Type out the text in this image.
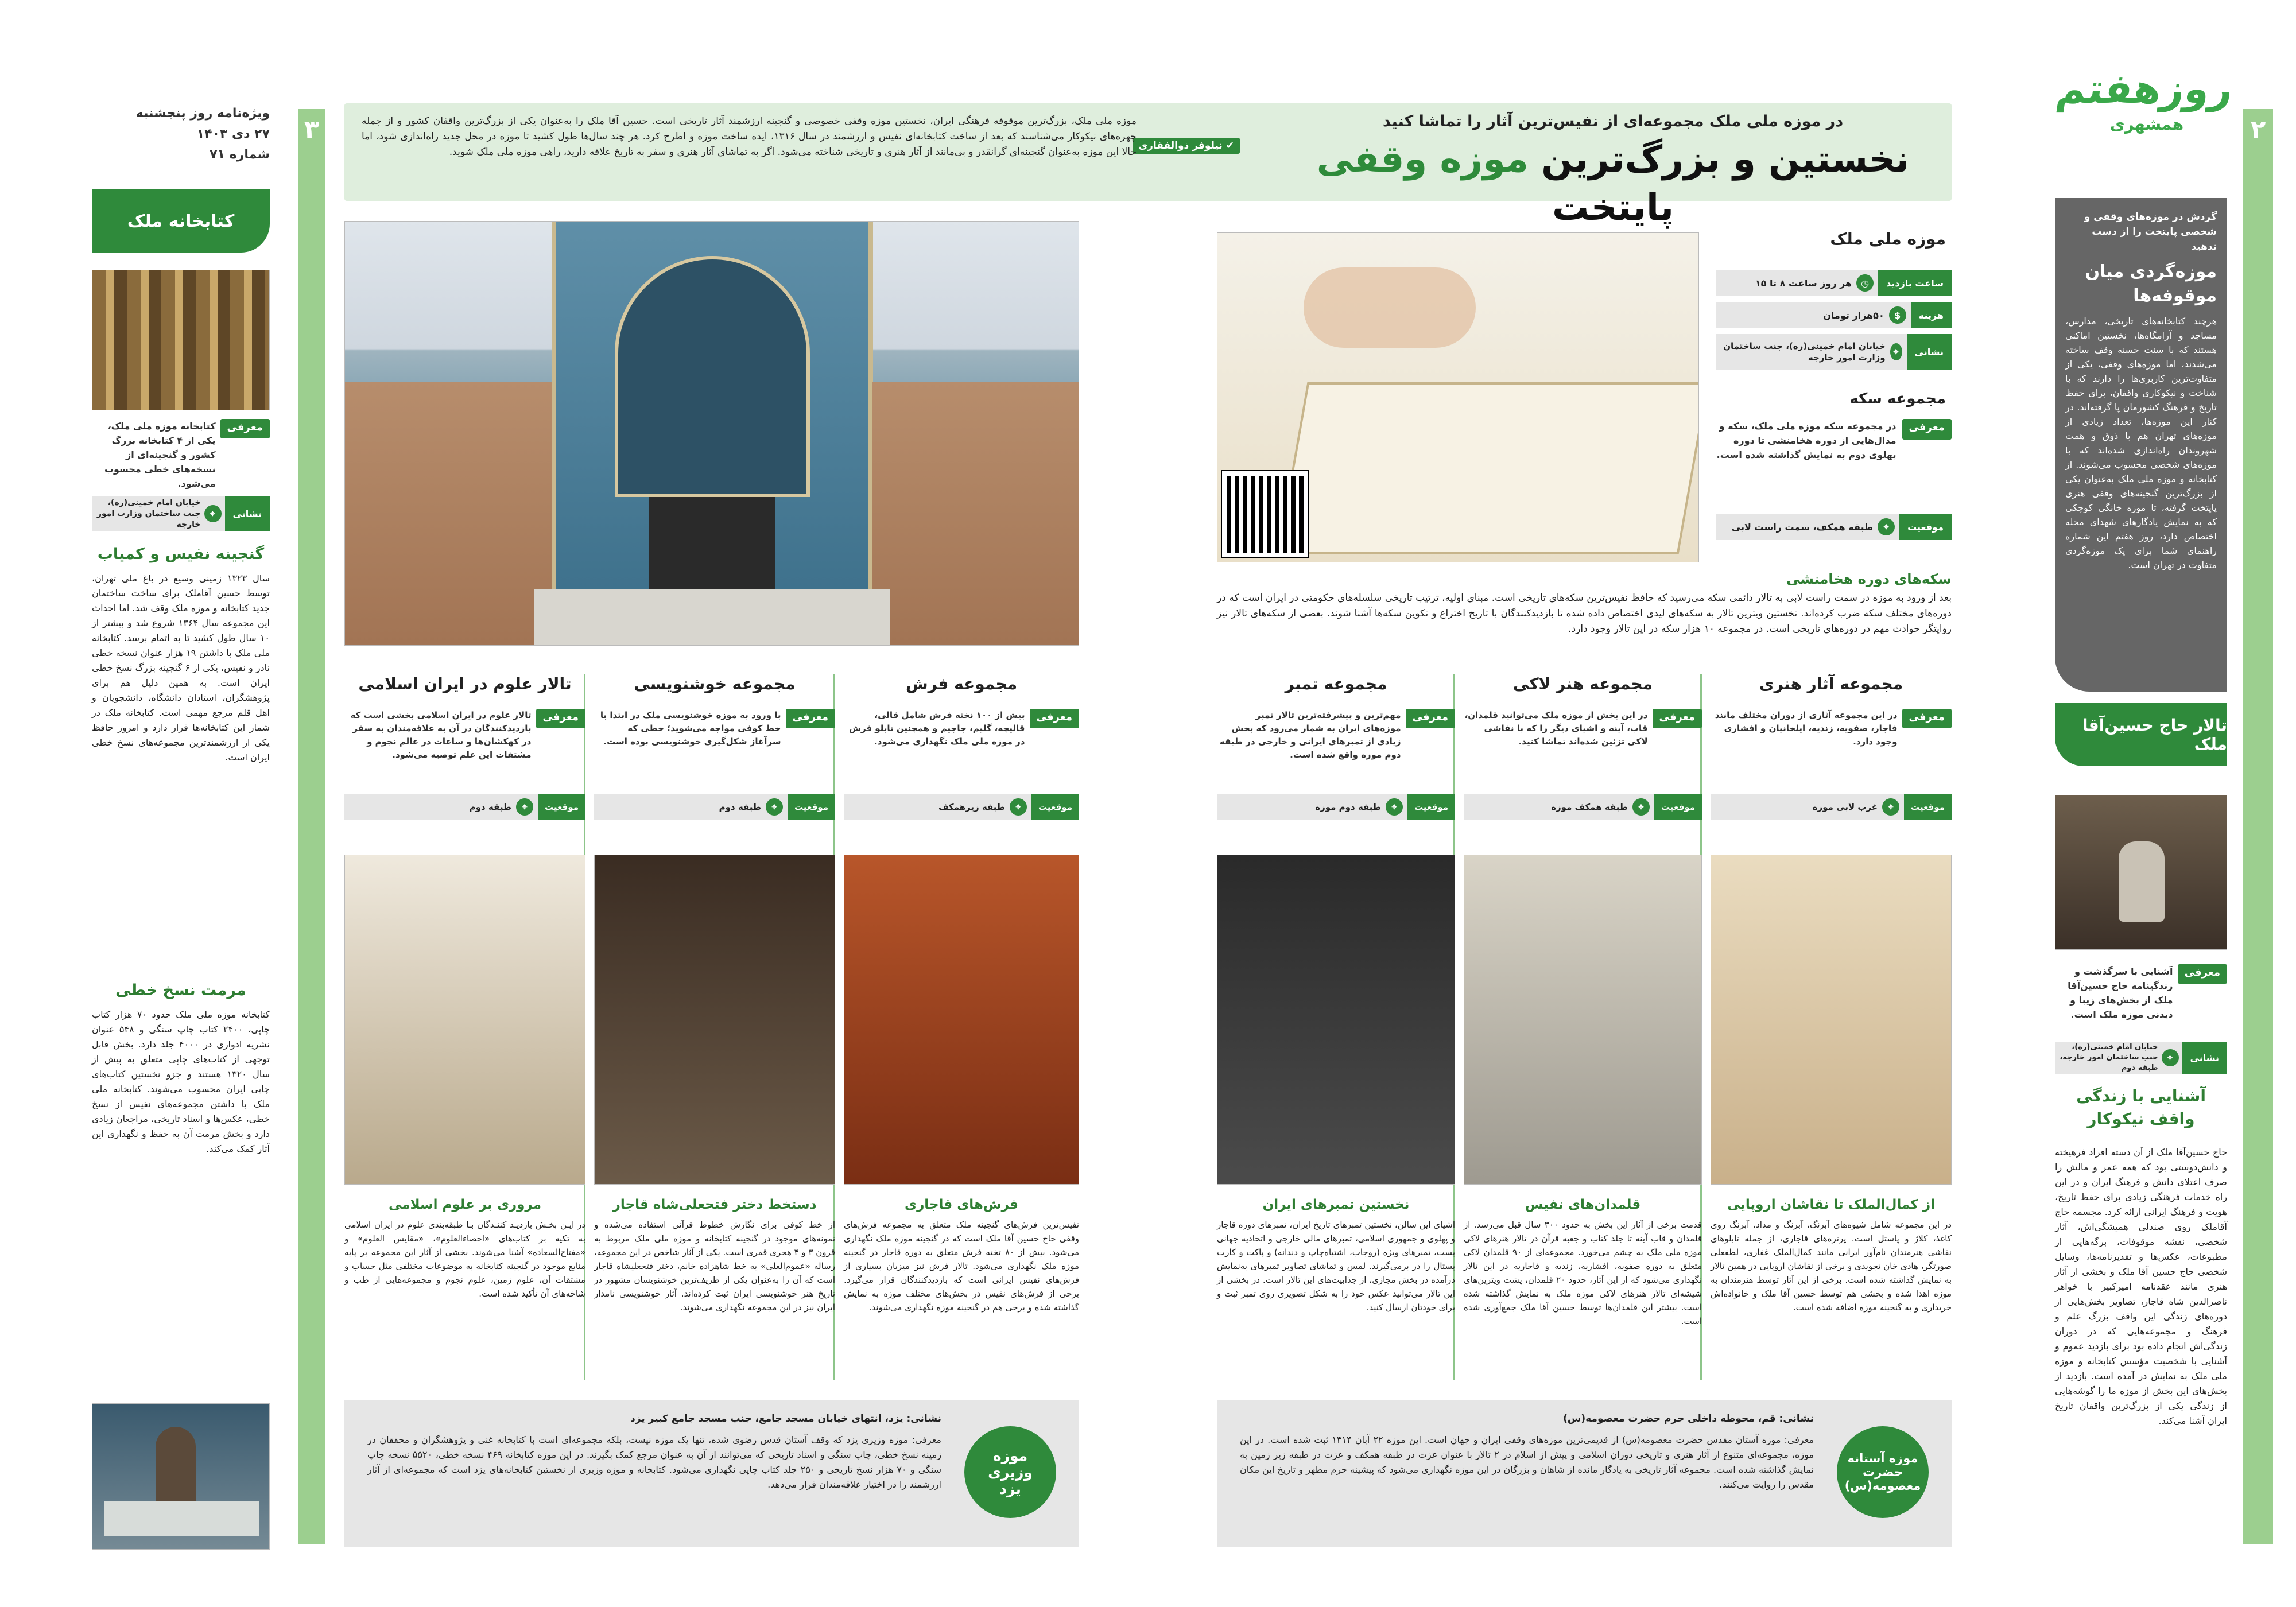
۲
۳
روزهفتم
همشهری
ویژه‌نامه روز پنجشنبه
۲۷ دی ۱۴۰۳
شماره ۷۱
در موزه ملی ملک مجموعه‌ای از نفیس‌ترین آثار را تماشا کنید
نخستین و بزرگ‌ترین موزه وقفی پایتخت
✔ نیلوفر ذوالفقاری
موزه ملی ملک، بزرگ‌ترین موقوفه فرهنگی ایران، نخستین موزه وقفی خصوصی و گنجینه ارزشمند آثار تاریخی است. حسین آقا ملک را به‌عنوان یکی از بزرگ‌ترین واقفان کشور و از جمله چهره‌های نیکوکار می‌شناسند که بعد از ساخت کتابخانه‌ای نفیس و ارزشمند در سال ۱۳۱۶، ایده ساخت موزه و اطرح کرد. هر چند سال‌ها طول کشید تا موزه در محل جدید راه‌اندازی شود، اما حالا این موزه به‌عنوان گنجینه‌ای گرانقدر و بی‌مانند از آثار هنری و تاریخی شناخته می‌شود. اگر به تماشای آثار هنری و سفر به تاریخ علاقه دارید، راهی موزه ملی ملک شوید.
موزه ملی ملک
ساعت بازدید
◷
هر روز ساعت ۸ تا ۱۵
هزینه
$
۵۰هزار تومان
نشانی
⌖
خیابان امام خمینی(ره)، جنب ساختمان وزارت امور خارجه
مجموعه سکه
معرفی
در مجموعه سکه موزه ملی ملک، سکه و مدال‌هایی از دوره هخامنشی تا دوره پهلوی دوم به نمایش گذاشته شده است.
موقعیت
⌖
طبقه همکف، سمت راست لابی
سکه‌های دوره هخامنشی
بعد از ورود به موزه در سمت راست لابی به تالار دائمی سکه می‌رسید که حافظ نفیس‌ترین سکه‌های تاریخی است. مبنای اولیه، ترتیب تاریخی سلسله‌های حکومتی در ایران است که در دوره‌های مختلف سکه ضرب کرده‌اند. نخستین ویترین تالار به سکه‌های لیدی اختصاص داده شده تا بازدیدکنندگان با تاریخ اختراع و تکوین سکه‌ها آشنا شوند. بعضی از سکه‌های تالار نیز روایتگر حوادث مهم در دوره‌های تاریخی است. در مجموعه ۱۰ هزار سکه در این تالار وجود دارد.
مجموعه آثار هنری
معرفی
در این مجموعه آثاری از دوران مختلف مانند قاجار، صفویه، زندیه، ایلخانیان و افشاری وجود دارد.
موقعیت
⌖
غرب لابی موزه
از کمال‌الملک تا نقاشان اروپایی
در این مجموعه شامل شیوه‌های آبرنگ، آبرنگ و مداد، آبرنگ روی کاغذ، کلاژ و پاستل است. پرتره‌های قاجاری، از جمله تابلوهای نقاشی هنرمندان نام‌آور ایرانی مانند کمال‌الملک غفاری، لطفعلی صورتگر، هادی خان تجویدی و برخی از نقاشان اروپایی در همین تالار به نمایش گذاشته شده است. برخی از این آثار توسط هنرمندان به موزه اهدا شده و بخشی هم توسط حسین آقا ملک و خانواده‌اش خریداری و به گنجینه موزه اضافه شده است.
مجموعه هنر لاکی
معرفی
در این بخش از موزه ملک می‌توانید قلمدان، قاب، آینه و اشیای دیگر را که با نقاشی لاکی تزئین شده‌اند تماشا کنید.
موقعیت
⌖
طبقه همکف موزه
قلمدان‌های نفیس
قدمت برخی از آثار این بخش به حدود ۳۰۰ سال قبل می‌رسد. از قلمدان و قاب آینه تا جلد کتاب و جعبه قرآن در تالار هنرهای لاکی موزه ملی ملک به چشم می‌خورد. مجموعه‌ای از ۹۰ قلمدان لاکی متعلق به دوره صفویه، افشاریه، زندیه و قاجاریه در این تالار نگهداری می‌شود که از این آثار، حدود ۲۰ قلمدان، پشت ویترین‌های شیشه‌ای تالار هنرهای لاکی موزه ملک به نمایش گذاشته شده است. بیشتر این قلمدان‌ها توسط حسین آقا ملک جمع‌آوری شده است.
مجموعه تمبر
معرفی
مهم‌ترین و پیشرفته‌ترین تالار تمبر موزه‌های ایران به شمار می‌رود که بخش زیادی از تمبرهای ایرانی و خارجی در طبقه دوم موزه واقع شده است.
موقعیت
⌖
طبقه دوم موزه
نخستین تمبرهای ایران
اشیای این سالن، نخستین تمبرهای تاریخ ایران، تمبرهای دوره قاجار و پهلوی و جمهوری اسلامی، تمبرهای مالی خارجی و اتحادیه جهانی پست، تمبرهای ویژه (روجاب، اشتباه‌چاپ و دندانه) و پاکت و کارت پستال را در برمی‌گیرند. لمس و تماشای تصاویر تمبرهای به‌نمایش درآمده در بخش مجازی، از جذابیت‌های این تالار است. در بخشی از این تالار می‌توانید عکس خود را به شکل تصویری روی تمبر ثبت و برای خودتان ارسال کنید.
مجموعه فرش
معرفی
بیش از ۱۰۰ نخته فرش شامل قالی، قالیچه، گلیم، جاجیم و همچنین تابلو فرش در موزه ملی ملک نگهداری می‌شود.
موقعیت
⌖
طبقه زیرهمکف
فرش‌های قاجاری
نفیس‌ترین فرش‌های گنجینه ملک متعلق به مجموعه فرش‌های وقفی حاج حسین آقا ملک است که در گنجینه موزه ملک نگهداری می‌شود. بیش از ۸۰ تخته فرش متعلق به دوره قاجار در گنجینه موزه ملک نگهداری می‌شود. تالار فرش نیز میزبان بسیاری از فرش‌های نفیس ایرانی است که بازدیدکنندگان قرار می‌گیرد. برخی از فرش‌های نفیس در بخش‌های مختلف موزه به نمایش گذاشته شده و برخی هم در گنجینه موزه نگهداری می‌شوند.
مجموعه خوشنویسی
معرفی
با ورود به موزه خوشنویسی ملک در ابتدا با خط کوفی مواجه می‌شوید؛ خطی که سرآغاز شکل‌گیری خوشنویسی بوده است.
موقعیت
⌖
طبقه دوم
دستخط دختر فتحعلی‌شاه قاجار
از خط کوفی برای نگارش خطوط قرآنی استفاده می‌شده و نمونه‌های موجود در گنجینه کتابخانه و موزه ملی ملک مربوط به قرون ۳ و ۴ هجری قمری است. یکی از آثار شاخص در این مجموعه، رساله «عموم‌العلی» به خط شاهزاده خانم، دختر فتحعلیشاه قاجار است که آن را به‌عنوان یکی از ظریف‌ترین خوشنویسان مشهور در تاریخ هنر خوشنویسی ایران ثبت کرده‌اند. آثار خوشنویسی نامدار ایران نیز در این مجموعه نگهداری می‌شوند.
تالار علوم در ایران اسلامی
معرفی
تالار علوم در ایران اسلامی بخشی است که بازدیدکنندگان در آن به علاقه‌مندان به سفر در کهکشان‌ها و ساعات در عالم نجوم و مشتقات این علم توصیه می‌شود.
موقعیت
⌖
طبقه دوم
مروری بر علوم اسلامی
در ایـن بخـش بازدیـد کننـدگان بـا طبقه‌بندی علوم در ایران اسلامی به تکیه بر کتاب‌های «احصاءالعلوم»، «مقایس العلوم» و «مفتاح‌السعاده» آشنا می‌شوند. بخشی از آثار این مجموعه بر پایه منابع موجود در گنجینه کتابخانه به موضوعات مختلفی مثل حساب و مشتقات آن، علوم زمین، علوم نجوم و مجموعه‌هایی از طب و شاخه‌های آن تأکید شده است.
گردش در موزه‌های وقفی و شخصی پایتخت را از دست ندهید
موزه‌گردی میان موقوفه‌ها
هرچند کتابخانه‌های تاریخی، مدارس، مساجد و آرامگاه‌ها، نخستین اماکنی هستند که با سنت حسنه وقف ساخته می‌شدند، اما موزه‌های وقفی، یکی از متفاوت‌ترین کاربری‌ها را دارند که با شناخت و نیکوکاری واقفان، برای حفظ تاریخ و فرهنگ کشورمان پا گرفته‌اند. در کنار این موزه‌ها، تعداد زیادی از موزه‌های تهران هم با ذوق و همت شهروندان راه‌اندازی شده‌اند که با موزه‌های شخصی محسوب می‌شوند. از کتابخانه و موزه ملی ملک به‌عنوان یکی از بزرگ‌ترین گنجینه‌های وقفی هنری پایتخت گرفته، تا موزه خانگی کوچکی که به نمایش یادگارهای شهدای محله اختصاص دارد، روز هفتم این شماره راهنمای شما برای یک موزه‌گردی متفاوت در تهران است.
تالار حاج حسین‌آقا ملک
معرفی
آشنایی با سرگذشت و زندگینامه حاج حسین‌آقا ملک از بخش‌های زیبا و دیدنی موزه ملک است.
نشانی
⌖
خیابان امام خمینی(ره)، جنب ساختمان امور خارجه، طبقه دوم
آشنایی با زندگی واقف نیکوکار
حاج حسین‌آقا ملک از آن دسته افراد فرهیخته و دانش‌دوستی بود که همه عمر و مالش را صرف اعتلای دانش و فرهنگ ایران و در این راه خدمات فرهنگی زیادی برای حفظ تاریخ، هویت و فرهنگ ایرانی ارائه کرد. مجسمه حاج آقاملک روی صندلی همیشگی‌اش، آثار شخصی، نقشه موقوفات، برگه‌هایی از مطبوعات، عکس‌ها و تقدیرنامه‌ها، وسایل شخصی حاج حسین آقا ملک و بخشی از آثار هنری مانند عقدنامه امیرکبیر با خواهر ناصرالدین شاه قاجار، تصاویر بخش‌هایی از دوره‌های زندگی این واقف بزرگ علم و فرهنگ و مجموعه‌هایی که در دوران زندگی‌اش انجام داده بود برای بازدید عموم و آشنایی با شخصیت مؤسس کتابخانه و موزه ملی ملک به نمایش در آمده است. بازدید از بخش‌های این بخش از موزه ما را گوشه‌هایی از زندگی یکی از بزرگ‌ترین واقفان تاریخ ایران آشنا می‌کند.
کتابخانه ملک
معرفی
کتابخانه موزه ملی ملک، یکی از ۴ کتابخانه بزرگ کشور و گنجینه‌ای از نسخه‌های خطی محسوب می‌شود.
نشانی
⌖
خیابان امام خمینی(ره)، جنب ساختمان وزارت امور خارجه
گنجینه نفیس و کمیاب
سال ۱۳۲۳ زمینی وسیع در باغ ملی تهران، توسط حسین آقاملک برای ساخت ساختمان جدید کتابخانه و موزه ملک وقف شد. اما احداث این مجموعه سال ۱۳۶۴ شروع شد و بیشتر از ۱۰ سال طول کشید تا به اتمام برسد. کتابخانه ملی ملک با داشتن ۱۹ هزار عنوان نسخه خطی نادر و نفیس، یکی از ۶ گنجینه بزرگ نسخ خطی ایران است. به همین دلیل هم برای پژوهشگران، استادان دانشگاه، دانشجویان و اهل قلم مرجع مهمی است. کتابخانه ملک در شمار این کتابخانه‌ها قرار دارد و امروز حافظ یکی از ارزشمندترین مجموعه‌های نسخ خطی ایران است.
مرمت نسخ خطی
کتابخانه موزه ملی ملک حدود ۷۰ هزار کتاب چاپی، ۲۴۰۰ کتاب چاپ سنگی و ۵۴۸ عنوان نشریه ادواری در ۴۰۰۰ جلد دارد. بخش قابل توجهی از کتاب‌های چاپی متعلق به پیش از سال ۱۳۲۰ هستند و جزو نخستین کتاب‌های چاپی ایران محسوب می‌شوند. کتابخانه ملی ملک با داشتن مجموعه‌های نفیس از نسخ خطی، عکس‌ها و اسناد تاریخی، مراجعان زیادی دارد و بخش مرمت آن به حفظ و نگهداری این آثار کمک می‌کند.
موزه وزیری یزد
نشانی: یزد، انتهای خیابان مسجد جامع، جنب مسجد جامع کبیر یزد
معرفی: موزه وزیری یزد که وقف آستان قدس رضوی شده، تنها یک موزه نیست، بلکه مجموعه‌ای است با کتابخانه غنی و پژوهشگران و محققان در زمینه نسخ خطی، چاپ سنگی و اسناد تاریخی که می‌توانند از آن به‌ عنوان مرجع کمک بگیرند. در این موزه کتابخانه ۴۶۹ نسخه خطی، ۵۵۲۰ نسخه چاپ سنگی و ۷۰ هزار نسخ تاریخی و ۲۵۰ جلد کتاب چاپی نگهداری می‌شود. کتابخانه و موزه وزیری از نخستین کتابخانه‌های یزد است که مجموعه‌ای از آثار ارزشمند را در اختیار علاقه‌مندان قرار می‌دهد.
موزه آستانه حضرت معصومه(س)
نشانی: قم، محوطه داخلی حرم حضرت معصومه(س)
معرفی: موزه آستان مقدس حضرت معصومه(س) از قدیمی‌ترین موزه‌های وقفی ایران و جهان است. این موزه ۲۲ آبان ۱۳۱۴ ثبت شده است. در این موزه، مجموعه‌ای متنوع از آثار هنری و تاریخی دوران اسلامی و پیش از اسلام در ۲ تالار با عنوان عزت در طبقه همکف و عزت در طبقه زیر زمین به نمایش گذاشته شده است. مجموعه آثار تاریخی به یادگار مانده از شاهان و بزرگان در این موزه نگهداری می‌شود که پیشینه حرم مطهر و تاریخ این مکان مقدس را روایت می‌کنند.
